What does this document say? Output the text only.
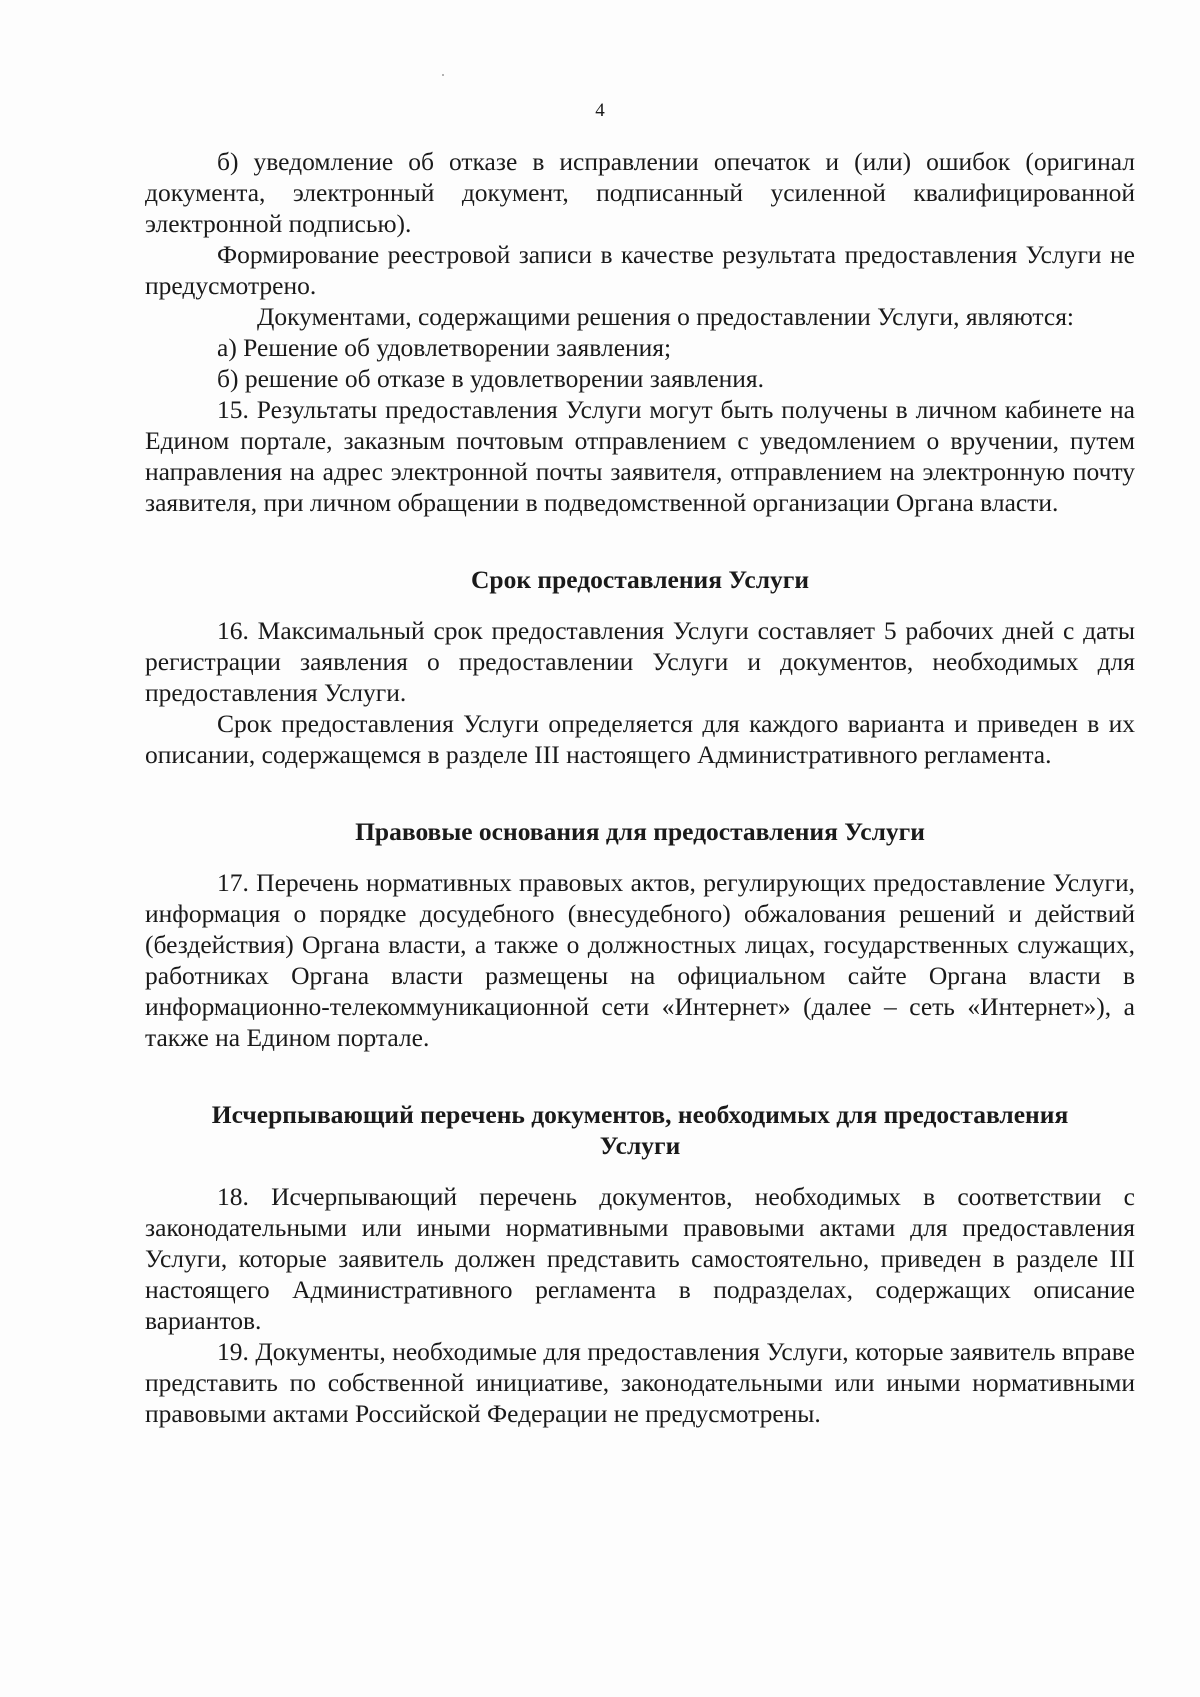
4

б) уведомление об отказе в исправлении опечаток и (или) ошибок (оригинал документа, электронный документ, подписанный усиленной квалифицированной электронной подписью).

Формирование реестровой записи в качестве результата предоставления Услуги не предусмотрено.

Документами, содержащими решения о предоставлении Услуги, являются:

а) Решение об удовлетворении заявления;

б) решение об отказе в удовлетворении заявления.

15. Результаты предоставления Услуги могут быть получены в личном кабинете на Едином портале, заказным почтовым отправлением с уведомлением о вручении, путем направления на адрес электронной почты заявителя, отправлением на электронную почту заявителя, при личном обращении в подведомственной организации Органа власти.

Срок предоставления Услуги

16. Максимальный срок предоставления Услуги составляет 5 рабочих дней с даты регистрации заявления о предоставлении Услуги и документов, необходимых для предоставления Услуги.

Срок предоставления Услуги определяется для каждого варианта и приведен в их описании, содержащемся в разделе III настоящего Административного регламента.

Правовые основания для предоставления Услуги

17. Перечень нормативных правовых актов, регулирующих предоставление Услуги, информация о порядке досудебного (внесудебного) обжалования решений и действий (бездействия) Органа власти, а также о должностных лицах, государственных служащих, работниках Органа власти размещены на официальном сайте Органа власти в информационно-телекоммуникационной сети «Интернет» (далее – сеть «Интернет»), а также на Едином портале.

Исчерпывающий перечень документов, необходимых для предоставления
Услуги

18. Исчерпывающий перечень документов, необходимых в соответствии с законодательными или иными нормативными правовыми актами для предоставления Услуги, которые заявитель должен представить самостоятельно, приведен в разделе III настоящего Административного регламента в подразделах, содержащих описание вариантов.

19. Документы, необходимые для предоставления Услуги, которые заявитель вправе представить по собственной инициативе, законодательными или иными нормативными правовыми актами Российской Федерации не предусмотрены.
